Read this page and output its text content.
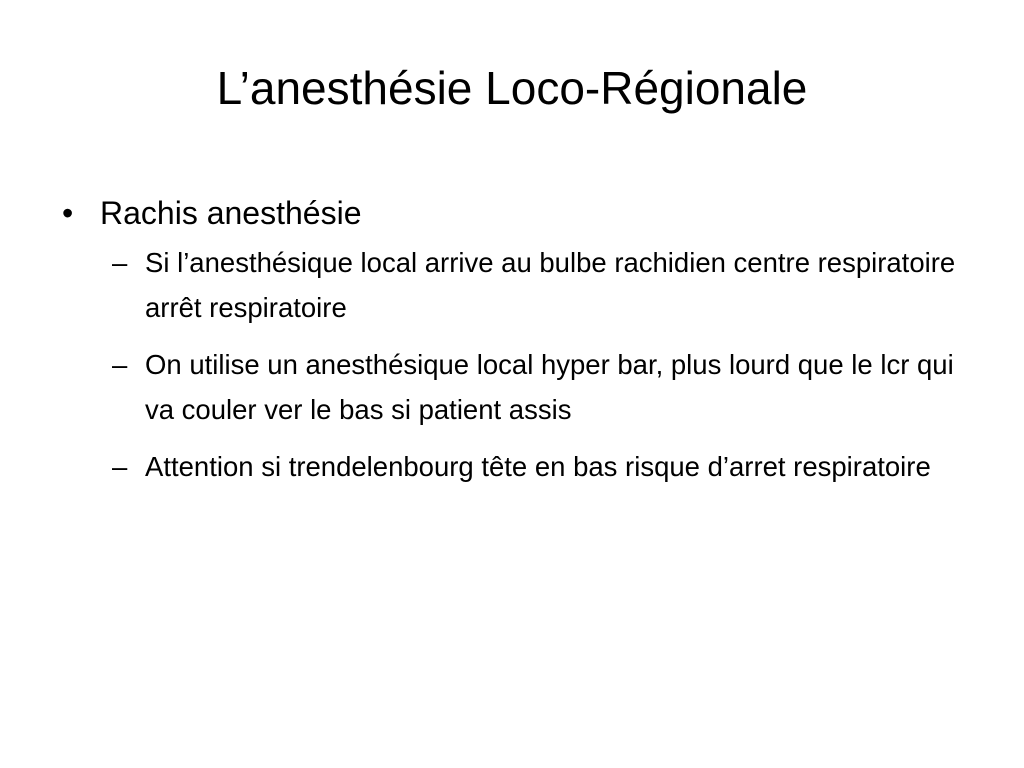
L’anesthésie Loco-Régionale
• Rachis anesthésie
– Si l’anesthésique local arrive au bulbe rachidien centre respiratoire arrêt respiratoire
– On utilise un anesthésique local hyper bar, plus lourd que le lcr qui va couler ver le bas si patient assis
– Attention si trendelenbourg tête en bas risque d’arret respiratoire
